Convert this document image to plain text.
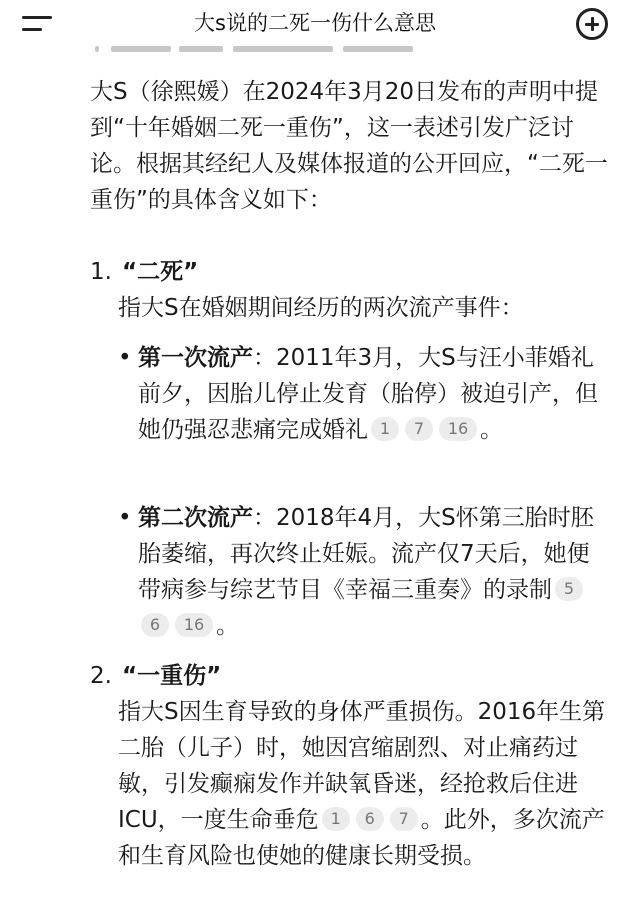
大s说的二死一伤什么意思

大S（徐熙媛）在2024年3月20日发布的声明中提到“十年婚姻二死一重伤”，这一表述引发广泛讨论。根据其经纪人及媒体报道的公开回应，“二死一重伤”的具体含义如下：

1. “二死”

指大S在婚姻期间经历的两次流产事件：

• 第一次流产：2011年3月，大S与汪小菲婚礼前夕，因胎儿停止发育（胎停）被迫引产，但她仍强忍悲痛完成婚礼 1 7 16 。
• 第二次流产：2018年4月，大S怀第三胎时胚胎萎缩，再次终止妊娠。流产仅7天后，她便带病参与综艺节目《幸福三重奏》的录制 56 16 。
2. “一重伤”

指大S因生育导致的身体严重损伤。2016年生第二胎（儿子）时，她因宫缩剧烈、对止痛药过敏，引发癫痫发作并缺氧昏迷，经抢救后住进ICU，一度生命垂危 1 6 7 。此外，多次流产和生育风险也使她的健康长期受损。
